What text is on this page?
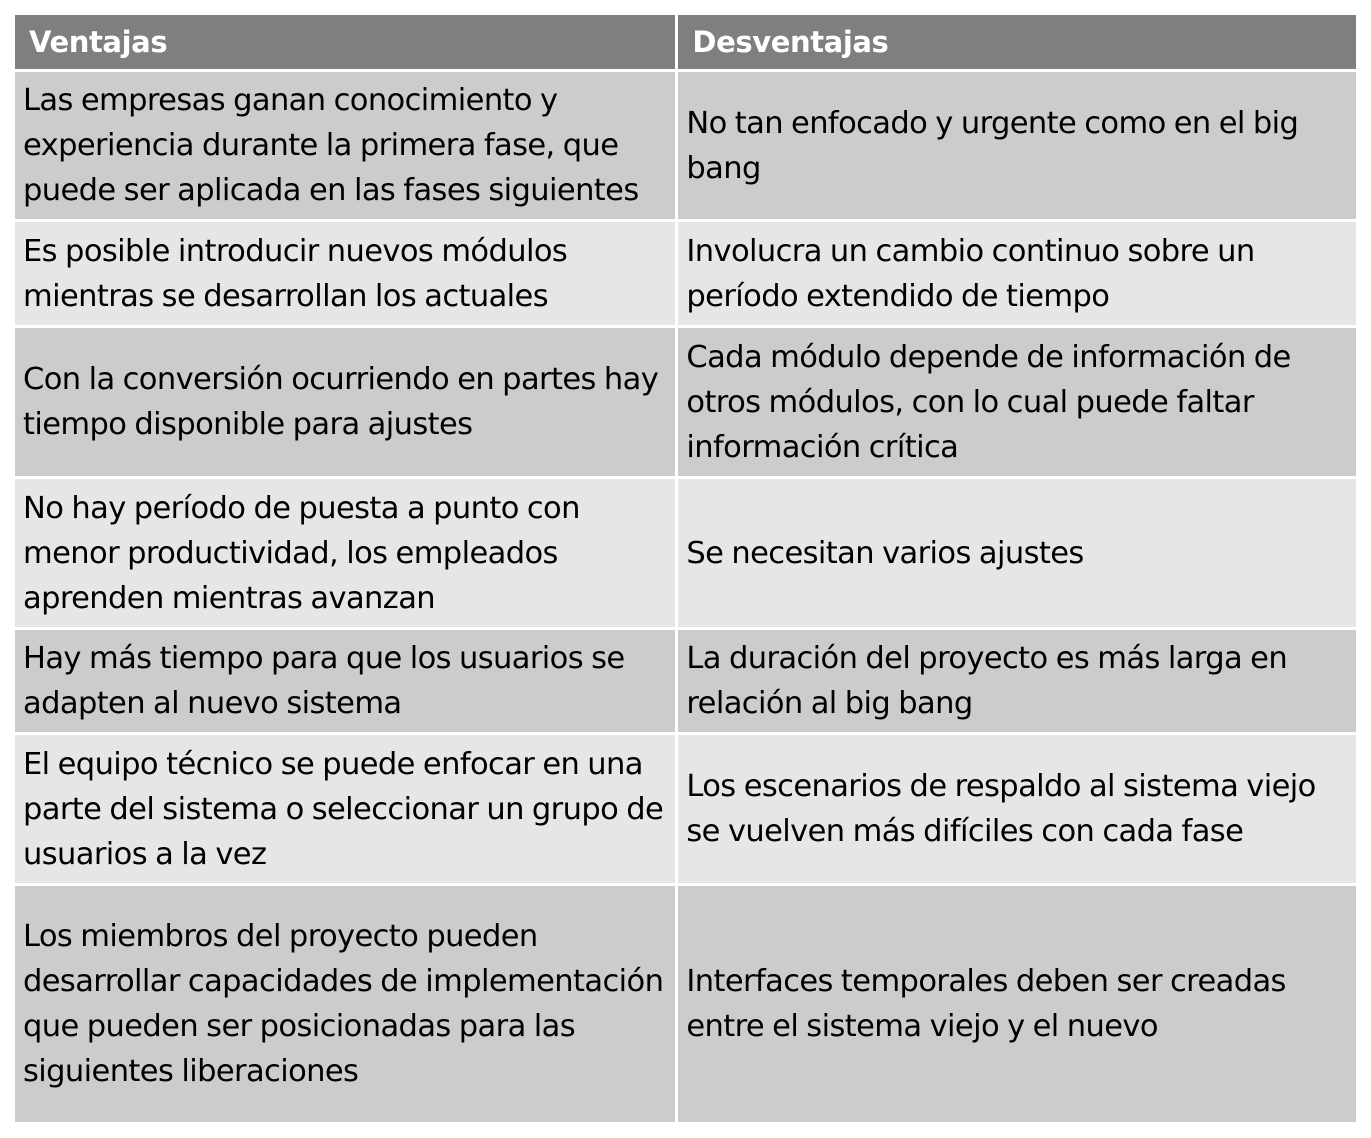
Ventajas	Desventajas
Las empresas ganan conocimiento y experiencia durante la primera fase, que puede ser aplicada en las fases siguientes	No tan enfocado y urgente como en el big bang
Es posible introducir nuevos módulos mientras se desarrollan los actuales	Involucra un cambio continuo sobre un período extendido de tiempo
Con la conversión ocurriendo en partes hay tiempo disponible para ajustes	Cada módulo depende de información de otros módulos, con lo cual puede faltar información crítica
No hay período de puesta a punto con menor productividad, los empleados aprenden mientras avanzan	Se necesitan varios ajustes
Hay más tiempo para que los usuarios se adapten al nuevo sistema	La duración del proyecto es más larga en relación al big bang
El equipo técnico se puede enfocar en una parte del sistema o seleccionar un grupo de usuarios a la vez	Los escenarios de respaldo al sistema viejo se vuelven más difíciles con cada fase
Los miembros del proyecto pueden desarrollar capacidades de implementación que pueden ser posicionadas para las siguientes liberaciones	Interfaces temporales deben ser creadas entre el sistema viejo y el nuevo
